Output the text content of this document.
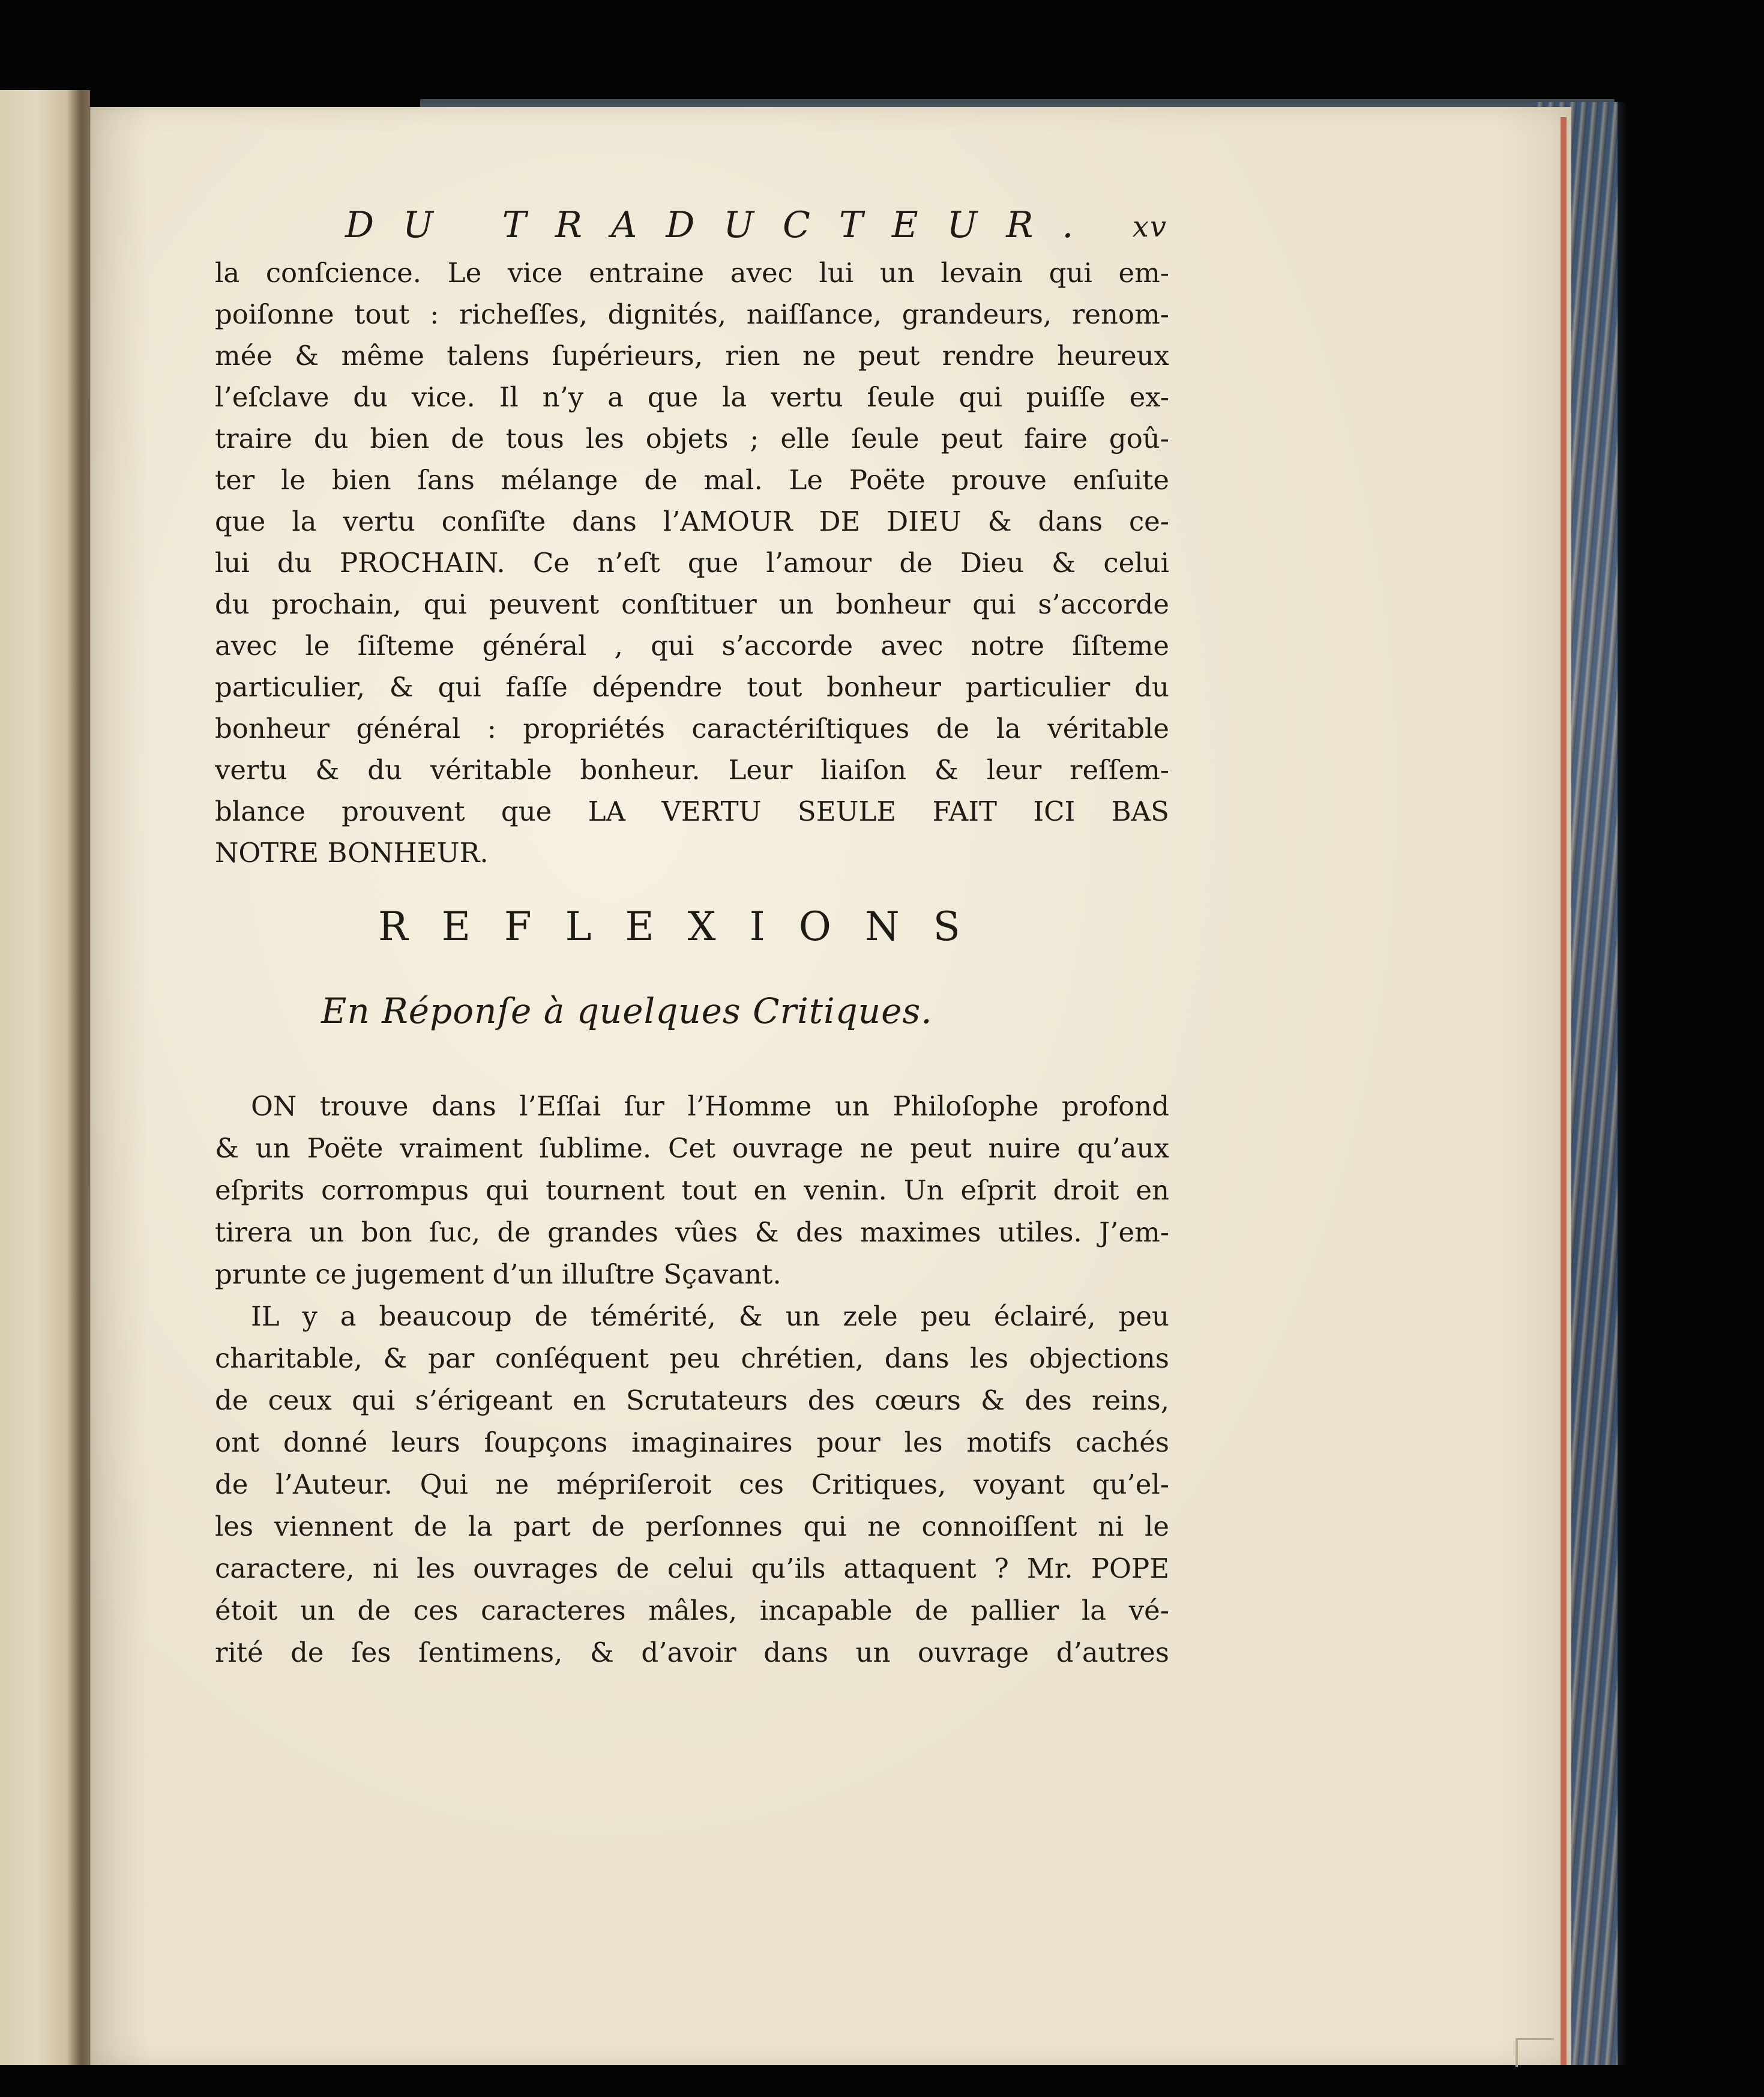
DU TRADUCTEUR. xv
la conſcience. Le vice entraine avec lui un levain qui em-
poiſonne tout : richeſſes, dignités, naiſſance, grandeurs, renom-
mée & même talens ſupérieurs, rien ne peut rendre heureux
l’eſclave du vice. Il n’y a que la vertu ſeule qui puiſſe ex-
traire du bien de tous les objets ; elle ſeule peut faire goû-
ter le bien ſans mélange de mal. Le Poëte prouve enſuite
que la vertu conſiſte dans l’AMOUR DE DIEU & dans ce-
lui du PROCHAIN. Ce n’eſt que l’amour de Dieu & celui
du prochain, qui peuvent conſtituer un bonheur qui s’accorde
avec le ſiſteme général , qui s’accorde avec notre ſiſteme
particulier, & qui faſſe dépendre tout bonheur particulier du
bonheur général : propriétés caractériſtiques de la véritable
vertu & du véritable bonheur. Leur liaiſon & leur reſſem-
blance prouvent que LA VERTU SEULE FAIT ICI BAS
NOTRE BONHEUR.
REFLEXIONS
En Réponſe à quelques Critiques.
ON trouve dans l’Eſſai ſur l’Homme un Philoſophe profond
& un Poëte vraiment ſublime. Cet ouvrage ne peut nuire qu’aux
eſprits corrompus qui tournent tout en venin. Un eſprit droit en
tirera un bon ſuc, de grandes vûes & des maximes utiles. J’em-
prunte ce jugement d’un illuſtre Sçavant.
IL y a beaucoup de témérité, & un zele peu éclairé, peu
charitable, & par conſéquent peu chrétien, dans les objections
de ceux qui s’érigeant en Scrutateurs des cœurs & des reins,
ont donné leurs ſoupçons imaginaires pour les motifs cachés
de l’Auteur. Qui ne mépriſeroit ces Critiques, voyant qu’el-
les viennent de la part de perſonnes qui ne connoiſſent ni le
caractere, ni les ouvrages de celui qu’ils attaquent ? Mr. POPE
étoit un de ces caracteres mâles, incapable de pallier la vé-
rité de ſes ſentimens, & d’avoir dans un ouvrage d’autres
